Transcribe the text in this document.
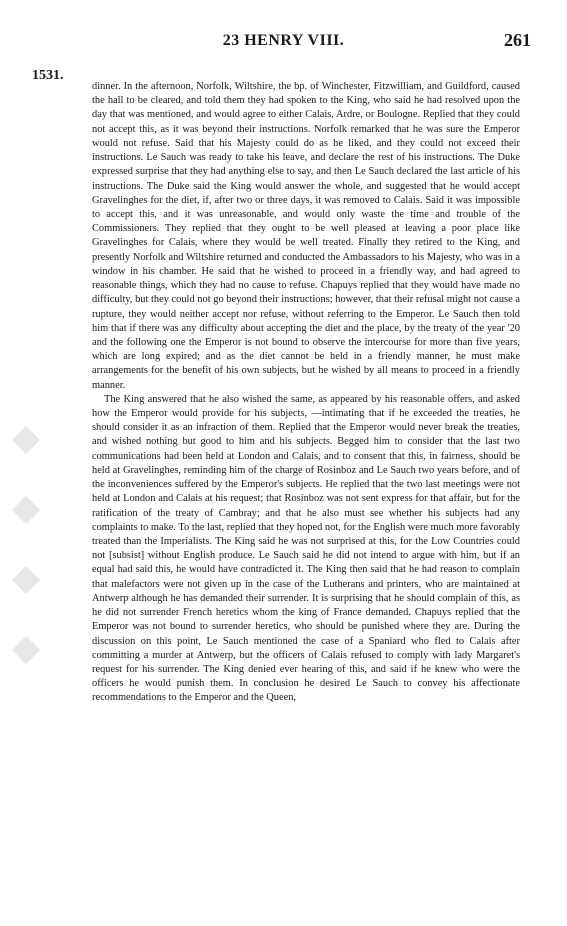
23 HENRY VIII.	261
1531.

dinner. In the afternoon, Norfolk, Wiltshire, the bp. of Winchester, Fitzwilliam, and Guildford, caused the hall to be cleared, and told them they had spoken to the King, who said he had resolved upon the day that was mentioned, and would agree to either Calais, Ardre, or Boulogne. Replied that they could not accept this, as it was beyond their instructions. Norfolk remarked that he was sure the Emperor would not refuse. Said that his Majesty could do as he liked, and they could not exceed their instructions. Le Sauch was ready to take his leave, and declare the rest of his instructions. The Duke expressed surprise that they had anything else to say, and then Le Sauch declared the last article of his instructions. The Duke said the King would answer the whole, and suggested that he would accept Gravelinghes for the diet, if, after two or three days, it was removed to Calais. Said it was impossible to accept this, and it was unreasonable, and would only waste the time and trouble of the Commissioners. They replied that they ought to be well pleased at leaving a poor place like Gravelinghes for Calais, where they would be well treated. Finally they retired to the King, and presently Norfolk and Wiltshire returned and conducted the Ambassadors to his Majesty, who was in a window in his chamber. He said that he wished to proceed in a friendly way, and had agreed to reasonable things, which they had no cause to refuse. Chapuys replied that they would have made no difficulty, but they could not go beyond their instructions; however, that their refusal might not cause a rupture, they would neither accept nor refuse, without referring to the Emperor. Le Sauch then told him that if there was any difficulty about accepting the diet and the place, by the treaty of the year '20 and the following one the Emperor is not bound to observe the intercourse for more than five years, which are long expired; and as the diet cannot be held in a friendly manner, he must make arrangements for the benefit of his own subjects, but he wished by all means to proceed in a friendly manner.

The King answered that he also wished the same, as appeared by his reasonable offers, and asked how the Emperor would provide for his subjects, —intimating that if he exceeded the treaties, he should consider it as an infraction of them. Replied that the Emperor would never break the treaties, and wished nothing but good to him and his subjects. Begged him to consider that the last two communications had been held at London and Calais, and to consent that this, in fairness, should be held at Gravelinghes, reminding him of the charge of Rosinboz and Le Sauch two years before, and of the inconveniences suffered by the Emperor's subjects. He replied that the two last meetings were not held at London and Calais at his request; that Rosinboz was not sent express for that affair, but for the ratification of the treaty of Cambray; and that he also must see whether his subjects had any complaints to make. To the last, replied that they hoped not, for the English were much more favorably treated than the Imperialists. The King said he was not surprised at this, for the Low Countries could not [subsist] without English produce. Le Sauch said he did not intend to argue with him, but if an equal had said this, he would have contradicted it. The King then said that he had reason to complain that malefactors were not given up in the case of the Lutherans and printers, who are maintained at Antwerp although he has demanded their surrender. It is surprising that he should complain of this, as he did not surrender French heretics whom the king of France demanded. Chapuys replied that the Emperor was not bound to surrender heretics, who should be punished where they are. During the discussion on this point, Le Sauch mentioned the case of a Spaniard who fled to Calais after committing a murder at Antwerp, but the officers of Calais refused to comply with lady Margaret's request for his surrender. The King denied ever hearing of this, and said if he knew who were the officers he would punish them. In conclusion he desired Le Sauch to convey his affectionate recommendations to the Emperor and the Queen,
